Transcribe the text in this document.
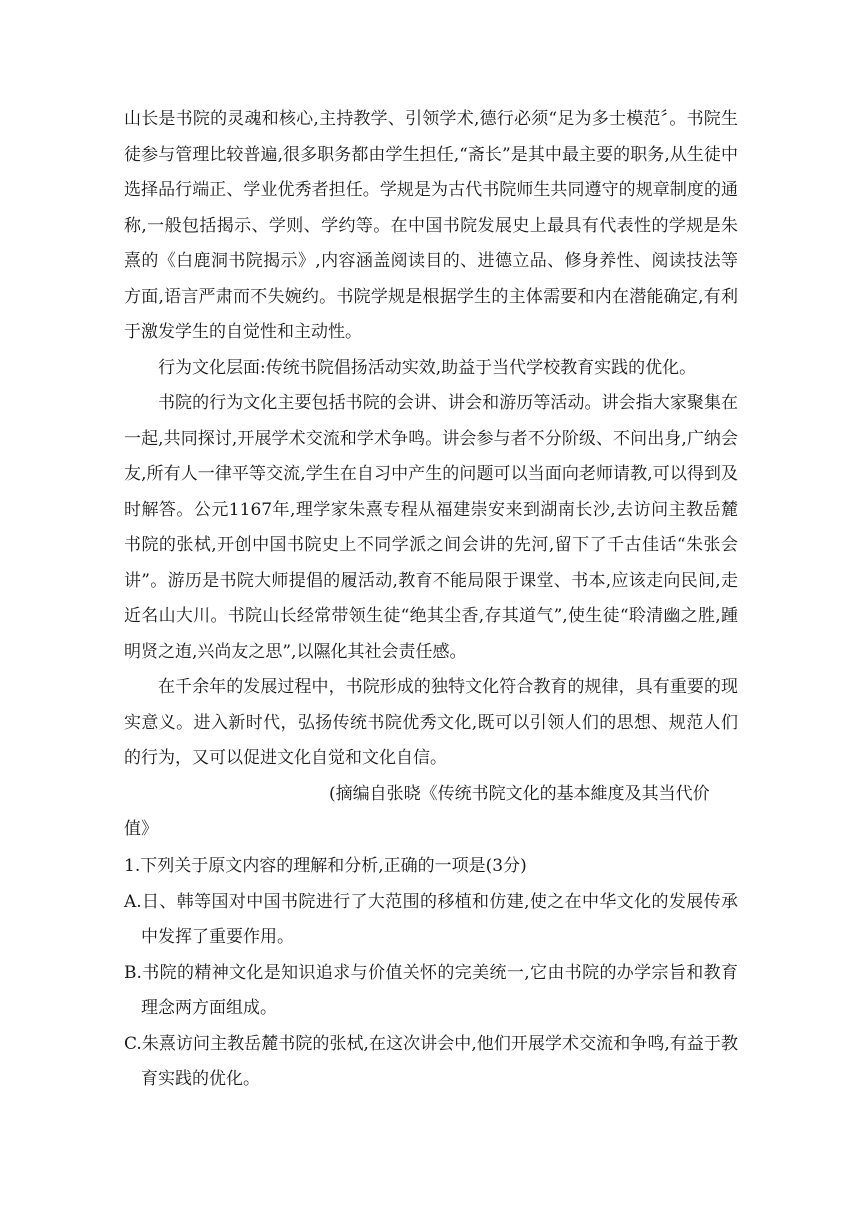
山长是书院的灵魂和核心,主持教学、引领学术,德行必须“足为多士模范〞。书院生徒参与管理比较普遍,很多职务都由学生担任,“斋长”是其中最主要的职务,从生徒中选择品行端正、学业优秀者担任。学规是为古代书院师生共同遵守的规章制度的通称,一般包括揭示、学则、学约等。在中国书院发展史上最具有代表性的学规是朱熹的《白鹿洞书院揭示》,内容涵盖阅读目的、进德立品、修身养性、阅读技法等方面,语言严肃而不失婉约。书院学规是根据学生的主体需要和内在潜能确定,有利于激发学生的自觉性和主动性。

行为文化层面:传统书院倡扬活动实效,助益于当代学校教育实践的优化。

书院的行为文化主要包括书院的会讲、讲会和游历等活动。讲会指大家聚集在一起,共同探讨,开展学术交流和学术争鸣。讲会参与者不分阶级、不问出身,广纳会友,所有人一律平等交流,学生在自习中产生的问题可以当面向老师请教,可以得到及时解答。公元1167年,理学家朱熹专程从福建崇安来到湖南长沙,去访问主教岳麓书院的张栻,开创中国书院史上不同学派之间会讲的先河,留下了千古佳话“朱张会讲”。游历是书院大师提倡的履活动,教育不能局限于课堂、书本,应该走向民间,走近名山大川。书院山长经常带领生徒“绝其尘香,存其道气”,使生徒“聆清幽之胜,踵明贤之迶,兴尚友之思”,以隰化其社会责任感。

在千余年的发展过程中，书院形成的独特文化符合教育的规律，具有重要的现实意义。进入新时代，弘扬传统书院优秀文化,既可以引领人们的思想、规范人们的行为，又可以促进文化自觉和文化自信。

(摘编自张晓《传统书院文化的基本維度及其当代价

值》

1.下列关于原文内容的理解和分析,正确的一项是(3分)

A.日、韩等国对中国书院进行了大范围的移植和仿建,使之在中华文化的发展传承中发挥了重要作用。

B.书院的精神文化是知识追求与价值关怀的完美统一,它由书院的办学宗旨和教育理念两方面组成。

C.朱熹访问主教岳麓书院的张栻,在这次讲会中,他们开展学术交流和争鸣,有益于教育实践的优化。
